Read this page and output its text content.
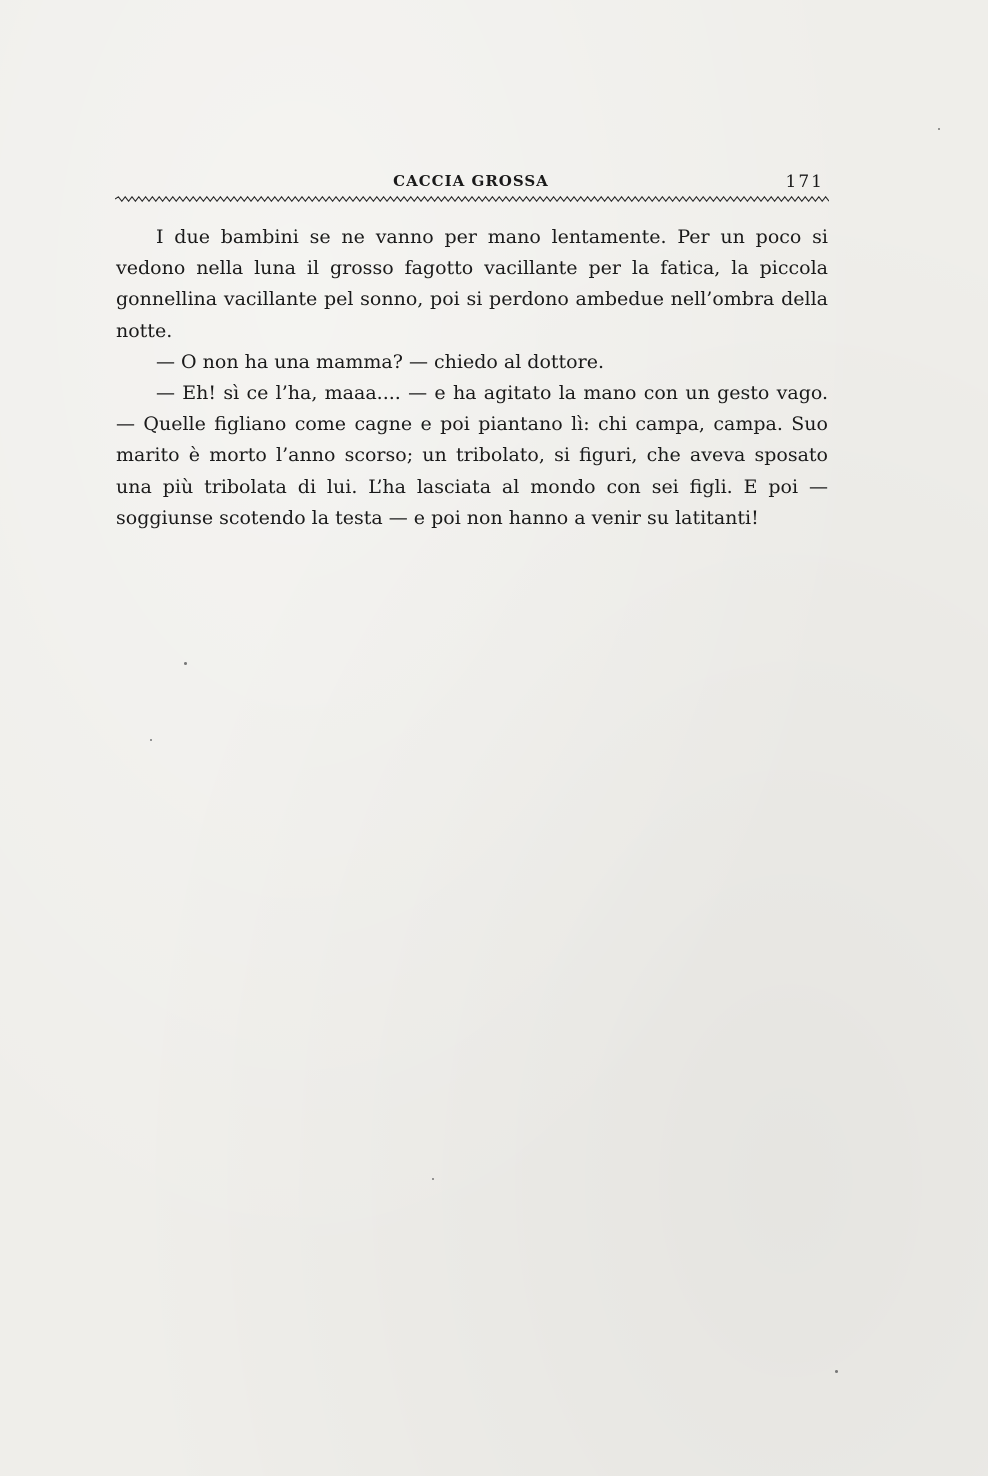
CACCIA GROSSA	171

I due bambini se ne vanno per mano lentamente. Per un poco si vedono nella luna il grosso fagotto vacillante per la fatica, la piccola gonnellina vacillante pel sonno, poi si perdono ambedue nell’ombra della notte.

— O non ha una mamma? — chiedo al dottore.

— Eh! sì ce l’ha, maaa.... — e ha agitato la mano con un gesto vago. — Quelle figliano come cagne e poi piantano lì: chi campa, campa. Suo marito è morto l’anno scorso; un tribolato, si figuri, che aveva sposato una più tribolata di lui. L’ha lasciata al mondo con sei figli. E poi — soggiunse scotendo la testa — e poi non hanno a venir su latitanti!
